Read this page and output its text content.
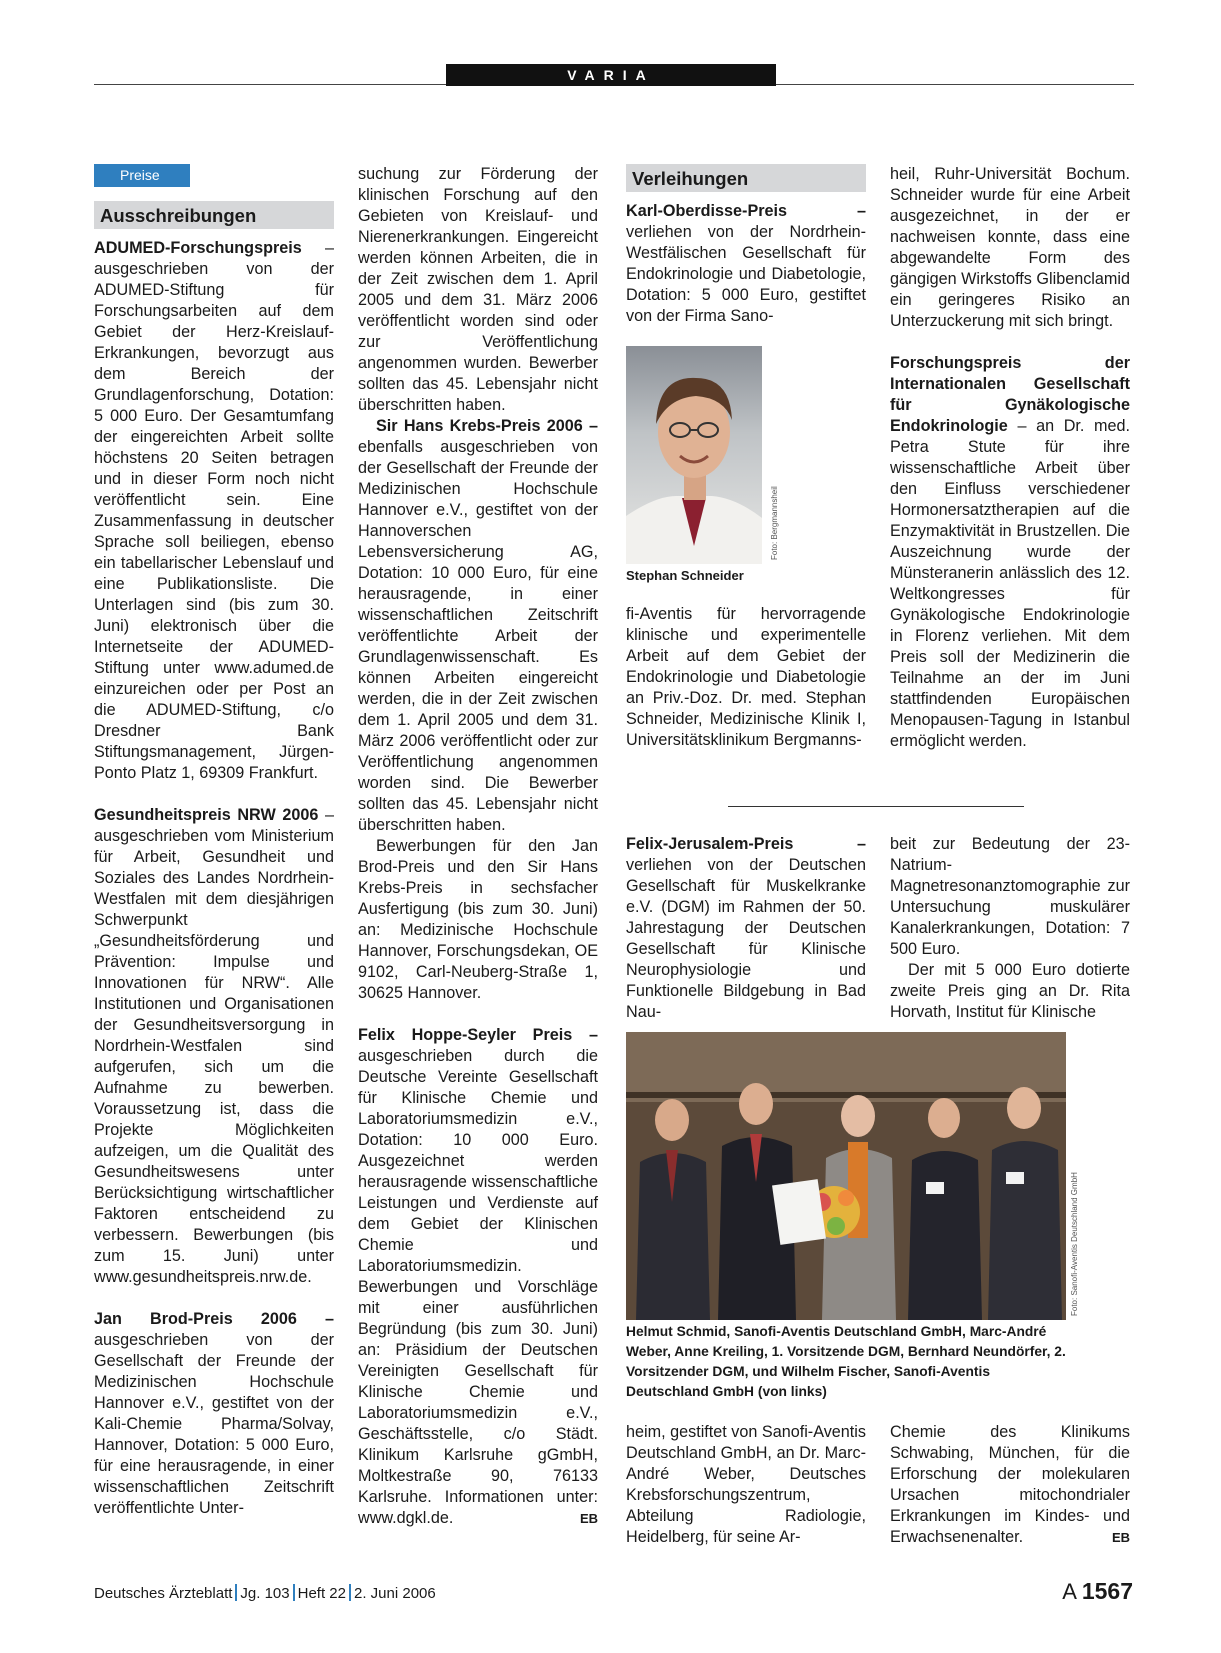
VARIA
Preise
Ausschreibungen

ADUMED-Forschungspreis – ausgeschrieben von der ADUMED-Stiftung für Forschungsarbeiten auf dem Gebiet der Herz-Kreislauf-Erkrankungen, bevorzugt aus dem Bereich der Grundlagenforschung, Dotation: 5 000 Euro. Der Gesamtumfang der eingereichten Arbeit sollte höchstens 20 Seiten betragen und in dieser Form noch nicht veröffentlicht sein. Eine Zusammenfassung in deutscher Sprache soll beiliegen, ebenso ein tabellarischer Lebenslauf und eine Publikationsliste. Die Unterlagen sind (bis zum 30. Juni) elektronisch über die Internetseite der ADUMED-Stiftung unter www.adumed.de einzureichen oder per Post an die ADUMED-Stiftung, c/o Dresdner Bank Stiftungsmanagement, Jürgen-Ponto Platz 1, 69309 Frankfurt.

Gesundheitspreis NRW 2006 – ausgeschrieben vom Ministerium für Arbeit, Gesundheit und Soziales des Landes Nordrhein-Westfalen mit dem diesjährigen Schwerpunkt „Gesundheitsförderung und Prävention: Impulse und Innovationen für NRW“. Alle Institutionen und Organisationen der Gesundheitsversorgung in Nordrhein-Westfalen sind aufgerufen, sich um die Aufnahme zu bewerben. Voraussetzung ist, dass die Projekte Möglichkeiten aufzeigen, um die Qualität des Gesundheitswesens unter Berücksichtigung wirtschaftlicher Faktoren entscheidend zu verbessern. Bewerbungen (bis zum 15. Juni) unter www.gesundheitspreis.nrw.de.

Jan Brod-Preis 2006 – ausgeschrieben von der Gesellschaft der Freunde der Medizinischen Hochschule Hannover e.V., gestiftet von der Kali-Chemie Pharma/Solvay, Hannover, Dotation: 5 000 Euro, für eine herausragende, in einer wissenschaftlichen Zeitschrift veröffentlichte Unter-

suchung zur Förderung der klinischen Forschung auf den Gebieten von Kreislauf- und Nierenerkrankungen. Eingereicht werden können Arbeiten, die in der Zeit zwischen dem 1. April 2005 und dem 31. März 2006 veröffentlicht worden sind oder zur Veröffentlichung angenommen wurden. Bewerber sollten das 45. Lebensjahr nicht überschritten haben.

Sir Hans Krebs-Preis 2006 – ebenfalls ausgeschrieben von der Gesellschaft der Freunde der Medizinischen Hochschule Hannover e.V., gestiftet von der Hannoverschen Lebensversicherung AG, Dotation: 10 000 Euro, für eine herausragende, in einer wissenschaftlichen Zeitschrift veröffentlichte Arbeit der Grundlagenwissenschaft. Es können Arbeiten eingereicht werden, die in der Zeit zwischen dem 1. April 2005 und dem 31. März 2006 veröffentlicht oder zur Veröffentlichung angenommen worden sind. Die Bewerber sollten das 45. Lebensjahr nicht überschritten haben.

Bewerbungen für den Jan Brod-Preis und den Sir Hans Krebs-Preis in sechsfacher Ausfertigung (bis zum 30. Juni) an: Medizinische Hochschule Hannover, Forschungsdekan, OE 9102, Carl-Neuberg-Straße 1, 30625 Hannover.

Felix Hoppe-Seyler Preis – ausgeschrieben durch die Deutsche Vereinte Gesellschaft für Klinische Chemie und Laboratoriumsmedizin e.V., Dotation: 10 000 Euro. Ausgezeichnet werden herausragende wissenschaftliche Leistungen und Verdienste auf dem Gebiet der Klinischen Chemie und Laboratoriumsmedizin. Bewerbungen und Vorschläge mit einer ausführlichen Begründung (bis zum 30. Juni) an: Präsidium der Deutschen Vereinigten Gesellschaft für Klinische Chemie und Laboratoriumsmedizin e.V., Geschäftsstelle, c/o Städt. Klinikum Karlsruhe gGmbH, Moltkestraße 90, 76133 Karlsruhe. Informationen unter: www.dgkl.de.	EB

Verleihungen

Karl-Oberdisse-Preis – verliehen von der Nordrhein-Westfälischen Gesellschaft für Endokrinologie und Diabetologie, Dotation: 5 000 Euro, gestiftet von der Firma Sano-

Foto: Bergmannsheil
Stephan Schneider

fi-Aventis für hervorragende klinische und experimentelle Arbeit auf dem Gebiet der Endokrinologie und Diabetologie an Priv.-Doz. Dr. med. Stephan Schneider, Medizinische Klinik I, Universitätsklinikum Bergmanns-

heil, Ruhr-Universität Bochum. Schneider wurde für eine Arbeit ausgezeichnet, in der er nachweisen konnte, dass eine abgewandelte Form des gängigen Wirkstoffs Glibenclamid ein geringeres Risiko an Unterzuckerung mit sich bringt.

Forschungspreis der Internationalen Gesellschaft für Gynäkologische Endokrinologie – an Dr. med. Petra Stute für ihre wissenschaftliche Arbeit über den Einfluss verschiedener Hormonersatztherapien auf die Enzymaktivität in Brustzellen. Die Auszeichnung wurde der Münsteranerin anlässlich des 12. Weltkongresses für Gynäkologische Endokrinologie in Florenz verliehen. Mit dem Preis soll der Medizinerin die Teilnahme an der im Juni stattfindenden Europäischen Menopausen-Tagung in Istanbul ermöglicht werden.

Felix-Jerusalem-Preis – verliehen von der Deutschen Gesellschaft für Muskelkranke e.V. (DGM) im Rahmen der 50. Jahrestagung der Deutschen Gesellschaft für Klinische Neurophysiologie und Funktionelle Bildgebung in Bad Nau-

beit zur Bedeutung der 23-Natrium-Magnetresonanztomographie zur Untersuchung muskulärer Kanalerkrankungen, Dotation: 7 500 Euro.

Der mit 5 000 Euro dotierte zweite Preis ging an Dr. Rita Horvath, Institut für Klinische

Foto: Sanofi-Aventis Deutschland GmbH
Helmut Schmid, Sanofi-Aventis Deutschland GmbH, Marc-André Weber, Anne Kreiling, 1. Vorsitzende DGM, Bernhard Neundörfer, 2. Vorsitzender DGM, und Wilhelm Fischer, Sanofi-Aventis Deutschland GmbH (von links)

heim, gestiftet von Sanofi-Aventis Deutschland GmbH, an Dr. Marc-André Weber, Deutsches Krebsforschungszentrum, Abteilung Radiologie, Heidelberg, für seine Ar-

Chemie des Klinikums Schwabing, München, für die Erforschung der molekularen Ursachen mitochondrialer Erkrankungen im Kindes- und Erwachsenenalter.	EB

Deutsches Ärzteblatt Jg. 103 Heft 22 2. Juni 2006	A 1567
